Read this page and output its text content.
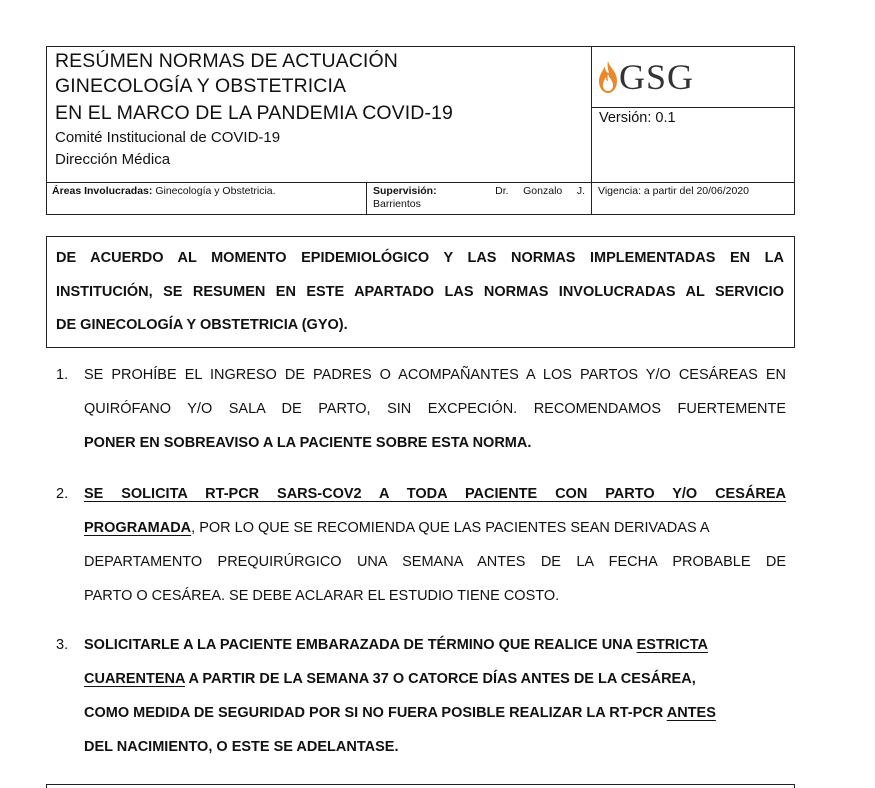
RESÚMEN NORMAS DE ACTUACIÓN
GINECOLOGÍA Y OBSTETRICIA
EN EL MARCO DE LA PANDEMIA COVID-19
Comité Institucional de COVID-19
Dirección Médica
GSG
Versión: 0.1
Áreas Involucradas: Ginecología y Obstetricia.	Supervisión:	Dr.     Gonzalo     J.
Barrientos
Vigencia: a partir del 20/06/2020

DE ACUERDO AL MOMENTO EPIDEMIOLÓGICO Y LAS NORMAS IMPLEMENTADAS EN LA

INSTITUCIÓN, SE RESUMEN EN ESTE APARTADO LAS NORMAS INVOLUCRADAS AL SERVICIO

DE GINECOLOGÍA Y OBSTETRICIA (GYO).

1. SE PROHÍBE EL INGRESO DE PADRES O ACOMPAÑANTES A LOS PARTOS Y/O CESÁREAS EN
QUIRÓFANO Y/O SALA DE PARTO, SIN EXCPECIÓN. RECOMENDAMOS FUERTEMENTE
PONER EN SOBREAVISO A LA PACIENTE SOBRE ESTA NORMA.
2. SE SOLICITA RT-PCR SARS-COV2 A TODA PACIENTE CON PARTO Y/O CESÁREA
PROGRAMADA, POR LO QUE SE RECOMIENDA QUE LAS PACIENTES SEAN DERIVADAS A
DEPARTAMENTO PREQUIRÚRGICO UNA SEMANA ANTES DE LA FECHA PROBABLE DE
PARTO O CESÁREA. SE DEBE ACLARAR EL ESTUDIO TIENE COSTO.
3. SOLICITARLE A LA PACIENTE EMBARAZADA DE TÉRMINO QUE REALICE UNA ESTRICTA
CUARENTENA A PARTIR DE LA SEMANA 37 O CATORCE DÍAS ANTES DE LA CESÁREA,
COMO MEDIDA DE SEGURIDAD POR SI NO FUERA POSIBLE REALIZAR LA RT-PCR ANTES
DEL NACIMIENTO, O ESTE SE ADELANTASE.
